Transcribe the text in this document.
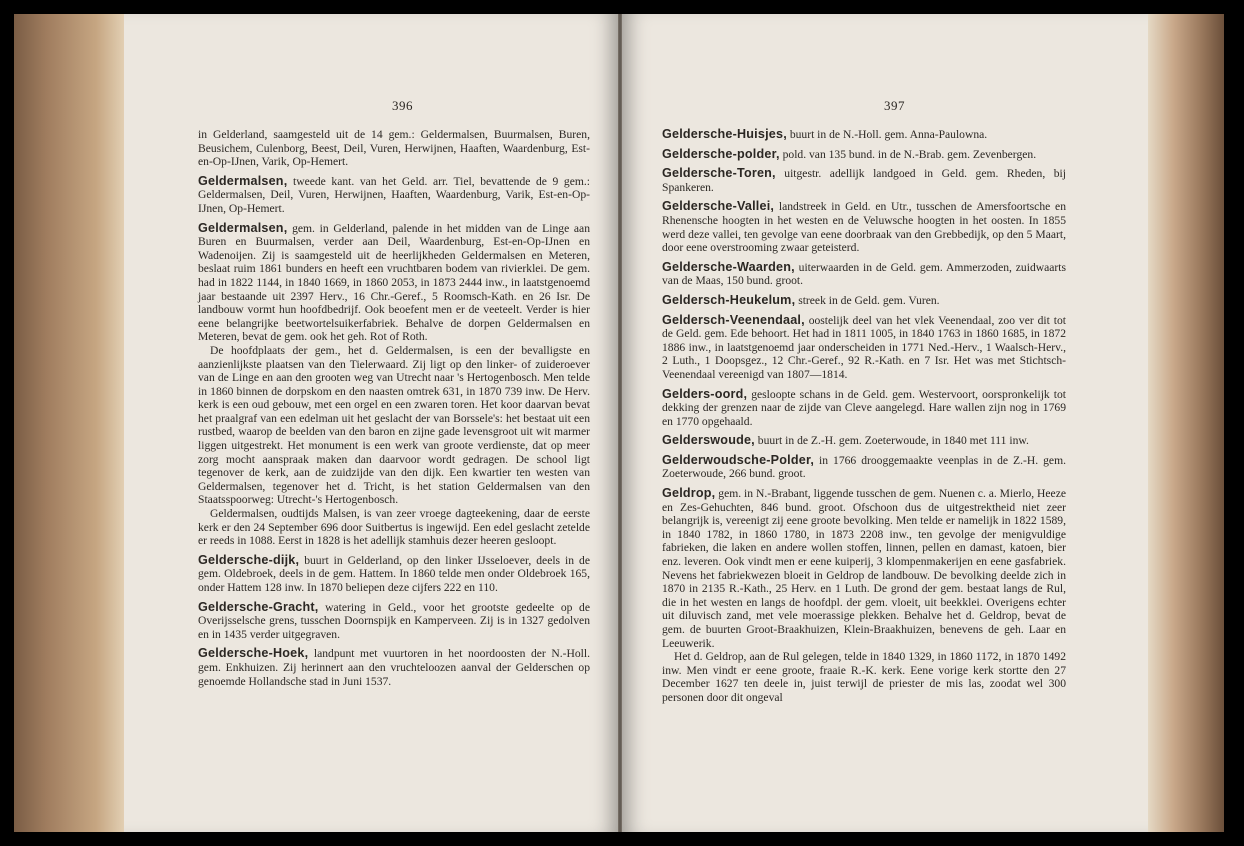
396

in Gelderland, saamgesteld uit de 14 gem.: Geldermalsen, Buurmalsen, Buren, Beusichem, Culenborg, Beest, Deil, Vuren, Herwijnen, Haaften, Waardenburg, Est-en-Op-IJnen, Varik, Op-Hemert.

Geldermalsen, tweede kant. van het Geld. arr. Tiel, bevattende de 9 gem.: Geldermalsen, Deil, Vuren, Herwijnen, Haaften, Waardenburg, Varik, Est-en-Op-IJnen, Op-Hemert.

Geldermalsen, gem. in Gelderland, palende in het midden van de Linge aan Buren en Buurmalsen, verder aan Deil, Waardenburg, Est-en-Op-IJnen en Wadenoijen. Zij is saamgesteld uit de heerlijkheden Geldermalsen en Meteren, beslaat ruim 1861 bunders en heeft een vruchtbaren bodem van rivierklei. De gem. had in 1822 1144, in 1840 1669, in 1860 2053, in 1873 2444 inw., in laatstgenoemd jaar bestaande uit 2397 Herv., 16 Chr.-Geref., 5 Roomsch-Kath. en 26 Isr. De landbouw vormt hun hoofdbedrijf. Ook beoefent men er de veeteelt. Verder is hier eene belangrijke beetwortelsuikerfabriek. Behalve de dorpen Geldermalsen en Meteren, bevat de gem. ook het geh. Rot of Roth.

De hoofdplaats der gem., het d. Geldermalsen, is een der bevalligste en aanzienlijkste plaatsen van den Tielerwaard. Zij ligt op den linker- of zuideroever van de Linge en aan den grooten weg van Utrecht naar 's Hertogenbosch. Men telde in 1860 binnen de dorpskom en den naasten omtrek 631, in 1870 739 inw. De Herv. kerk is een oud gebouw, met een orgel en een zwaren toren. Het koor daarvan bevat het praalgraf van een edelman uit het geslacht der van Borssele's: het bestaat uit een rustbed, waarop de beelden van den baron en zijne gade levensgroot uit wit marmer liggen uitgestrekt. Het monument is een werk van groote verdienste, dat op meer zorg mocht aanspraak maken dan daarvoor wordt gedragen. De school ligt tegenover de kerk, aan de zuidzijde van den dijk. Een kwartier ten westen van Geldermalsen, tegenover het d. Tricht, is het station Geldermalsen van den Staatsspoorweg: Utrecht-'s Hertogenbosch.

Geldermalsen, oudtijds Malsen, is van zeer vroege dagteekening, daar de eerste kerk er den 24 September 696 door Suitbertus is ingewijd. Een edel geslacht zetelde er reeds in 1088. Eerst in 1828 is het adellijk stamhuis dezer heeren gesloopt.

Geldersche-dijk, buurt in Gelderland, op den linker IJsseloever, deels in de gem. Oldebroek, deels in de gem. Hattem. In 1860 telde men onder Oldebroek 165, onder Hattem 128 inw. In 1870 beliepen deze cijfers 222 en 110.

Geldersche-Gracht, watering in Geld., voor het grootste gedeelte op de Overijsselsche grens, tusschen Doornspijk en Kamperveen. Zij is in 1327 gedolven en in 1435 verder uitgegraven.

Geldersche-Hoek, landpunt met vuurtoren in het noordoosten der N.-Holl. gem. Enkhuizen. Zij herinnert aan den vruchteloozen aanval der Gelderschen op genoemde Hollandsche stad in Juni 1537.

397

Geldersche-Huisjes, buurt in de N.-Holl. gem. Anna-Paulowna.

Geldersche-polder, pold. van 135 bund. in de N.-Brab. gem. Zevenbergen.

Geldersche-Toren, uitgestr. adellijk landgoed in Geld. gem. Rheden, bij Spankeren.

Geldersche-Vallei, landstreek in Geld. en Utr., tusschen de Amersfoortsche en Rhenensche hoogten in het westen en de Veluwsche hoogten in het oosten. In 1855 werd deze vallei, ten gevolge van eene doorbraak van den Grebbedijk, op den 5 Maart, door eene overstrooming zwaar geteisterd.

Geldersche-Waarden, uiterwaarden in de Geld. gem. Ammerzoden, zuidwaarts van de Maas, 150 bund. groot.

Geldersch-Heukelum, streek in de Geld. gem. Vuren.

Geldersch-Veenendaal, oostelijk deel van het vlek Veenendaal, zoo ver dit tot de Geld. gem. Ede behoort. Het had in 1811 1005, in 1840 1763 in 1860 1685, in 1872 1886 inw., in laatstgenoemd jaar onderscheiden in 1771 Ned.-Herv., 1 Waalsch-Herv., 2 Luth., 1 Doopsgez., 12 Chr.-Geref., 92 R.-Kath. en 7 Isr. Het was met Stichtsch-Veenendaal vereenigd van 1807—1814.

Gelders-oord, gesloopte schans in de Geld. gem. Westervoort, oorspronkelijk tot dekking der grenzen naar de zijde van Cleve aangelegd. Hare wallen zijn nog in 1769 en 1770 opgehaald.

Gelderswoude, buurt in de Z.-H. gem. Zoeterwoude, in 1840 met 111 inw.

Gelderwoudsche-Polder, in 1766 drooggemaakte veenplas in de Z.-H. gem. Zoeterwoude, 266 bund. groot.

Geldrop, gem. in N.-Brabant, liggende tusschen de gem. Nuenen c. a. Mierlo, Heeze en Zes-Gehuchten, 846 bund. groot. Ofschoon dus de uitgestrektheid niet zeer belangrijk is, vereenigt zij eene groote bevolking. Men telde er namelijk in 1822 1589, in 1840 1782, in 1860 1780, in 1873 2208 inw., ten gevolge der menigvuldige fabrieken, die laken en andere wollen stoffen, linnen, pellen en damast, katoen, bier enz. leveren. Ook vindt men er eene kuiperij, 3 klompenmakerijen en eene gasfabriek. Nevens het fabriekwezen bloeit in Geldrop de landbouw. De bevolking deelde zich in 1870 in 2135 R.-Kath., 25 Herv. en 1 Luth. De grond der gem. bestaat langs de Rul, die in het westen en langs de hoofdpl. der gem. vloeit, uit beekklei. Overigens echter uit diluvisch zand, met vele moerassige plekken. Behalve het d. Geldrop, bevat de gem. de buurten Groot-Braakhuizen, Klein-Braakhuizen, benevens de geh. Laar en Leeuwerik.

Het d. Geldrop, aan de Rul gelegen, telde in 1840 1329, in 1860 1172, in 1870 1492 inw. Men vindt er eene groote, fraaie R.-K. kerk. Eene vorige kerk stortte den 27 December 1627 ten deele in, juist terwijl de priester de mis las, zoodat wel 300 personen door dit ongeval
